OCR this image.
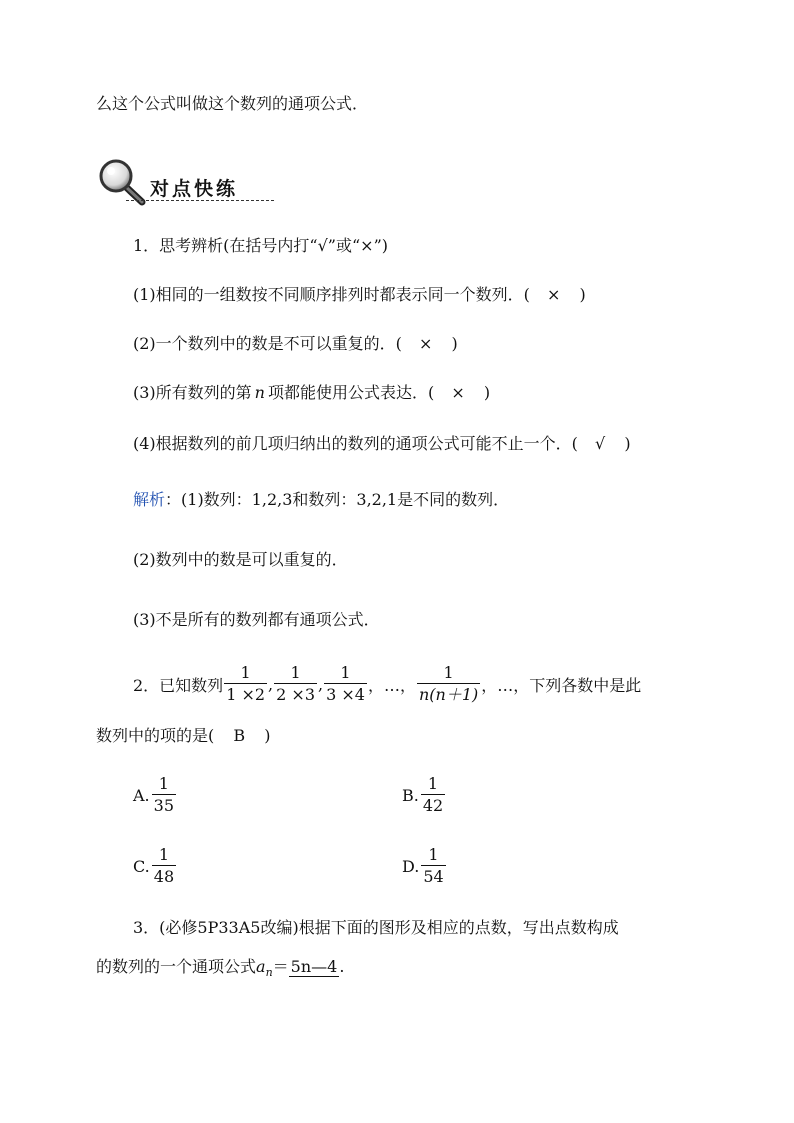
么这个公式叫做这个数列的通项公式．
对点快练
1．思考辨析(在括号内打“√”或“×”)
(1)相同的一组数按不同顺序排列时都表示同一个数列．( × )
(2)一个数列中的数是不可以重复的．( × )
(3)所有数列的第 n 项都能使用公式表达．( × )
(4)根据数列的前几项归纳出的数列的通项公式可能不止一个．( √ )
解析：(1)数列：1,2,3和数列：3,2,1是不同的数列．
(2)数列中的数是可以重复的．
(3)不是所有的数列都有通项公式．
2．已知数列 $\frac{1}{1 \times 2}$ , $\frac{1}{2 \times 3}$ , $\frac{1}{3 \times 4}$ ，…， $\frac{1}{n(n+1)}$ ，…，下列各数中是此
数列中的项的是( B )
A. $\frac{1}{35}$	B. $\frac{1}{42}$
C. $\frac{1}{48}$	D. $\frac{1}{54}$
3．(必修5P33A5改编)根据下面的图形及相应的点数，写出点数构成
的数列的一个通项公式$a_n=$ 5n—4 .
